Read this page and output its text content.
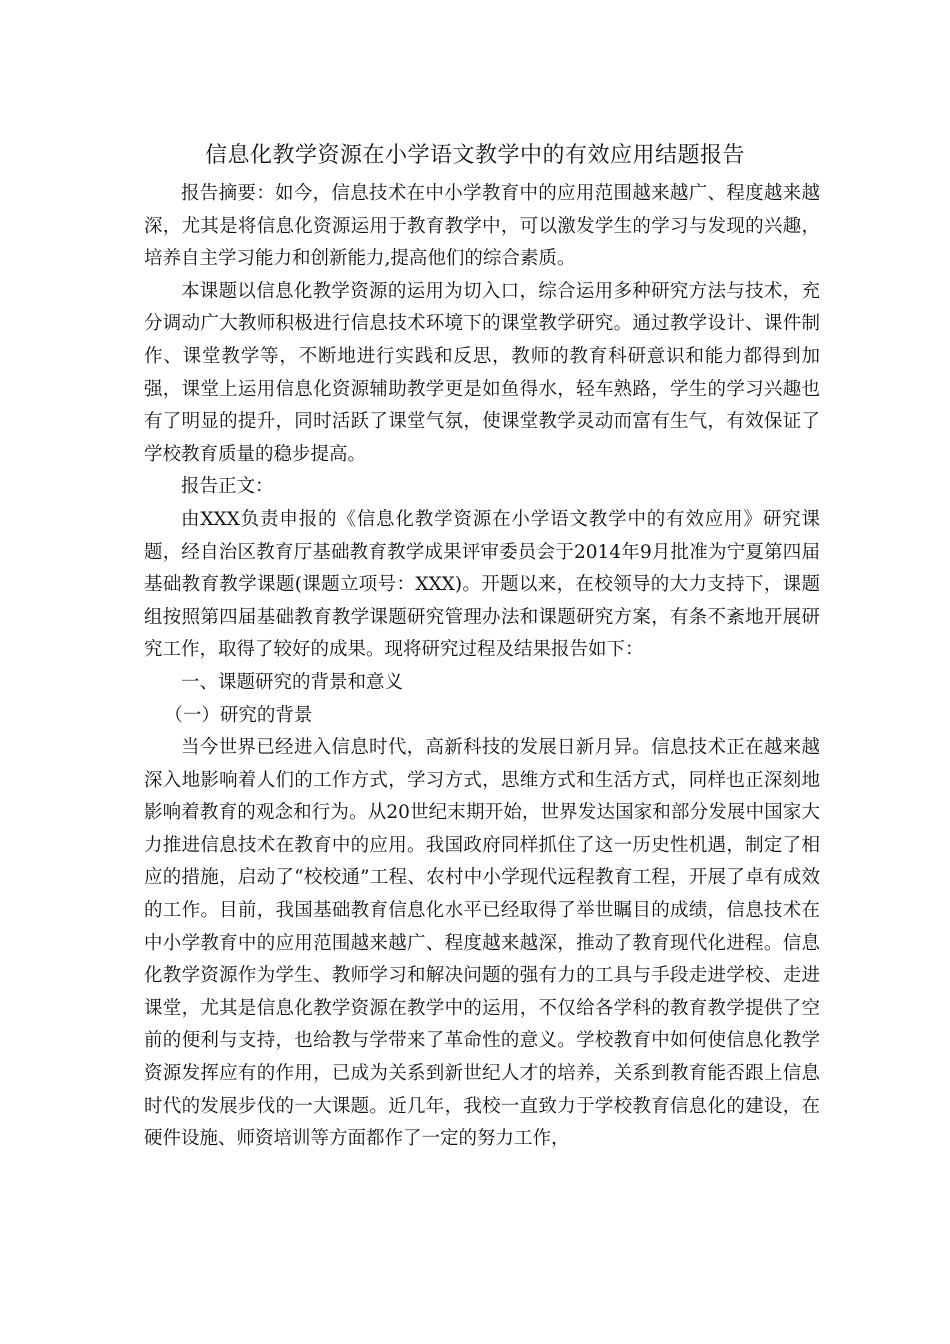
信息化教学资源在小学语文教学中的有效应用结题报告

报告摘要：如今，信息技术在中小学教育中的应用范围越来越广、程度越来越深，尤其是将信息化资源运用于教育教学中，可以激发学生的学习与发现的兴趣，培养自主学习能力和创新能力,提高他们的综合素质。

本课题以信息化教学资源的运用为切入口，综合运用多种研究方法与技术，充分调动广大教师积极进行信息技术环境下的课堂教学研究。通过教学设计、课件制作、课堂教学等，不断地进行实践和反思，教师的教育科研意识和能力都得到加强，课堂上运用信息化资源辅助教学更是如鱼得水，轻车熟路，学生的学习兴趣也有了明显的提升，同时活跃了课堂气氛，使课堂教学灵动而富有生气，有效保证了学校教育质量的稳步提高。

报告正文：

由XXX负责申报的《信息化教学资源在小学语文教学中的有效应用》研究课题，经自治区教育厅基础教育教学成果评审委员会于2014年9月批准为宁夏第四届基础教育教学课题(课题立项号：XXX)。开题以来，在校领导的大力支持下，课题组按照第四届基础教育教学课题研究管理办法和课题研究方案，有条不紊地开展研究工作，取得了较好的成果。现将研究过程及结果报告如下：

一、课题研究的背景和意义

（一）研究的背景

当今世界已经进入信息时代，高新科技的发展日新月异。信息技术正在越来越深入地影响着人们的工作方式，学习方式，思维方式和生活方式，同样也正深刻地影响着教育的观念和行为。从20世纪末期开始，世界发达国家和部分发展中国家大力推进信息技术在教育中的应用。我国政府同样抓住了这一历史性机遇，制定了相应的措施，启动了“校校通”工程、农村中小学现代远程教育工程，开展了卓有成效的工作。目前，我国基础教育信息化水平已经取得了举世瞩目的成绩，信息技术在中小学教育中的应用范围越来越广、程度越来越深，推动了教育现代化进程。信息化教学资源作为学生、教师学习和解决问题的强有力的工具与手段走进学校、走进课堂，尤其是信息化教学资源在教学中的运用，不仅给各学科的教育教学提供了空前的便利与支持，也给教与学带来了革命性的意义。学校教育中如何使信息化教学资源发挥应有的作用，已成为关系到新世纪人才的培养，关系到教育能否跟上信息时代的发展步伐的一大课题。近几年，我校一直致力于学校教育信息化的建设，在硬件设施、师资培训等方面都作了一定的努力工作，
